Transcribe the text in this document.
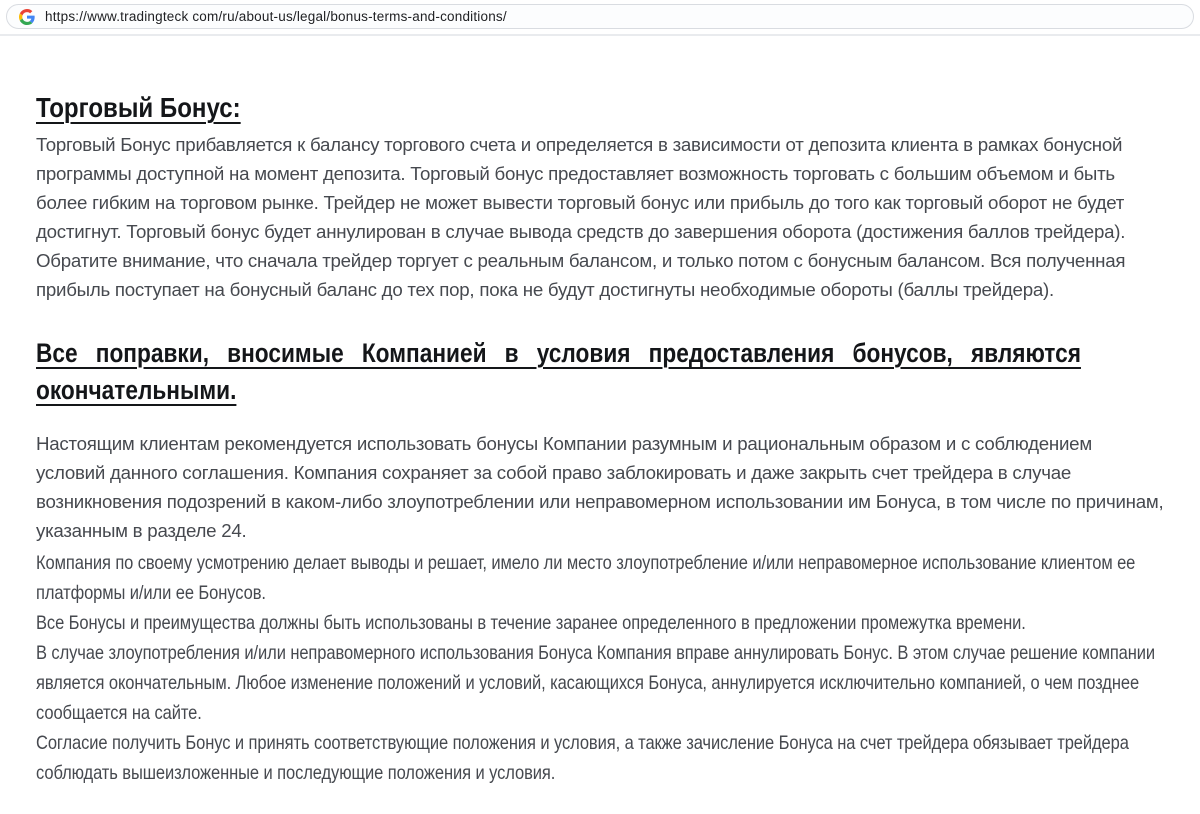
https://www.tradingteck com/ru/about-us/legal/bonus-terms-and-conditions/
Торговый Бонус:

Торговый Бонус прибавляется к балансу торгового счета и определяется в зависимости от депозита клиента в рамках бонусной программы доступной на момент депозита. Торговый бонус предоставляет возможность торговать с большим объемом и быть более гибким на торговом рынке. Трейдер не может вывести торговый бонус или прибыль до того как торговый оборот не будет достигнут. Торговый бонус будет аннулирован в случае вывода средств до завершения оборота (достижения баллов трейдера). Обратите внимание, что сначала трейдер торгует с реальным балансом, и только потом с бонусным балансом. Вся полученная прибыль поступает на бонусный баланс до тех пор, пока не будут достигнуты необходимые обороты (баллы трейдера).

Все поправки, вносимые Компанией в условия предоставления бонусов, являются
окончательными.

Настоящим клиентам рекомендуется использовать бонусы Компании разумным и рациональным образом и с соблюдением условий данного соглашения. Компания сохраняет за собой право заблокировать и даже закрыть счет трейдера в случае возникновения подозрений в каком-либо злоупотреблении или неправомерном использовании им Бонуса, в том числе по причинам, указанным в разделе 24.

Компания по своему усмотрению делает выводы и решает, имело ли место злоупотребление и/или неправомерное использование клиентом ее платформы и/или ее Бонусов.

Все Бонусы и преимущества должны быть использованы в течение заранее определенного в предложении промежутка времени.

В случае злоупотребления и/или неправомерного использования Бонуса Компания вправе аннулировать Бонус. В этом случае решение компании является окончательным. Любое изменение положений и условий, касающихся Бонуса, аннулируется исключительно компанией, о чем позднее сообщается на сайте.

Согласие получить Бонус и принять соответствующие положения и условия, а также зачисление Бонуса на счет трейдера обязывает трейдера соблюдать вышеизложенные и последующие положения и условия.
